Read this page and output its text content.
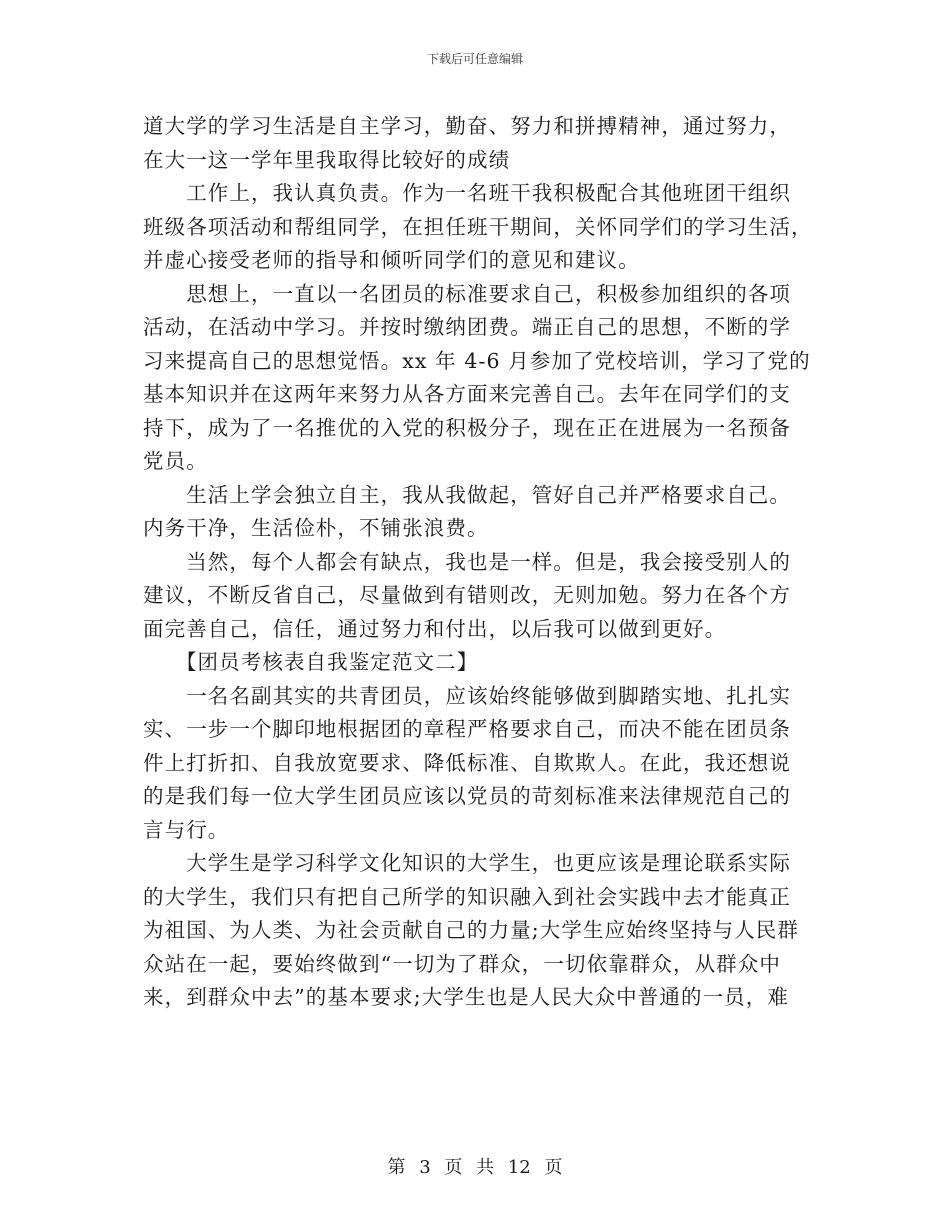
下载后可任意编辑
道大学的学习生活是自主学习，勤奋、努力和拼搏精神，通过努力，
在大一这一学年里我取得比较好的成绩
　　工作上，我认真负责。作为一名班干我积极配合其他班团干组织
班级各项活动和帮组同学，在担任班干期间，关怀同学们的学习生活，
并虚心接受老师的指导和倾听同学们的意见和建议。
　　思想上，一直以一名团员的标准要求自己，积极参加组织的各项
活动，在活动中学习。并按时缴纳团费。端正自己的思想，不断的学
习来提高自己的思想觉悟。xx 年 4-6 月参加了党校培训，学习了党的
基本知识并在这两年来努力从各方面来完善自己。去年在同学们的支
持下，成为了一名推优的入党的积极分子，现在正在进展为一名预备
党员。
　　生活上学会独立自主，我从我做起，管好自己并严格要求自己。
内务干净，生活俭朴，不铺张浪费。
　　当然，每个人都会有缺点，我也是一样。但是，我会接受别人的
建议，不断反省自己，尽量做到有错则改，无则加勉。努力在各个方
面完善自己，信任，通过努力和付出，以后我可以做到更好。
　　【团员考核表自我鉴定范文二】
　　一名名副其实的共青团员，应该始终能够做到脚踏实地、扎扎实
实、一步一个脚印地根据团的章程严格要求自己，而决不能在团员条
件上打折扣、自我放宽要求、降低标准、自欺欺人。在此，我还想说
的是我们每一位大学生团员应该以党员的苛刻标准来法律规范自己的
言与行。
　　大学生是学习科学文化知识的大学生，也更应该是理论联系实际
的大学生，我们只有把自己所学的知识融入到社会实践中去才能真正
为祖国、为人类、为社会贡献自己的力量;大学生应始终坚持与人民群
众站在一起，要始终做到“一切为了群众，一切依靠群众，从群众中
来，到群众中去”的基本要求;大学生也是人民大众中普通的一员，难
第 3 页 共 12 页
